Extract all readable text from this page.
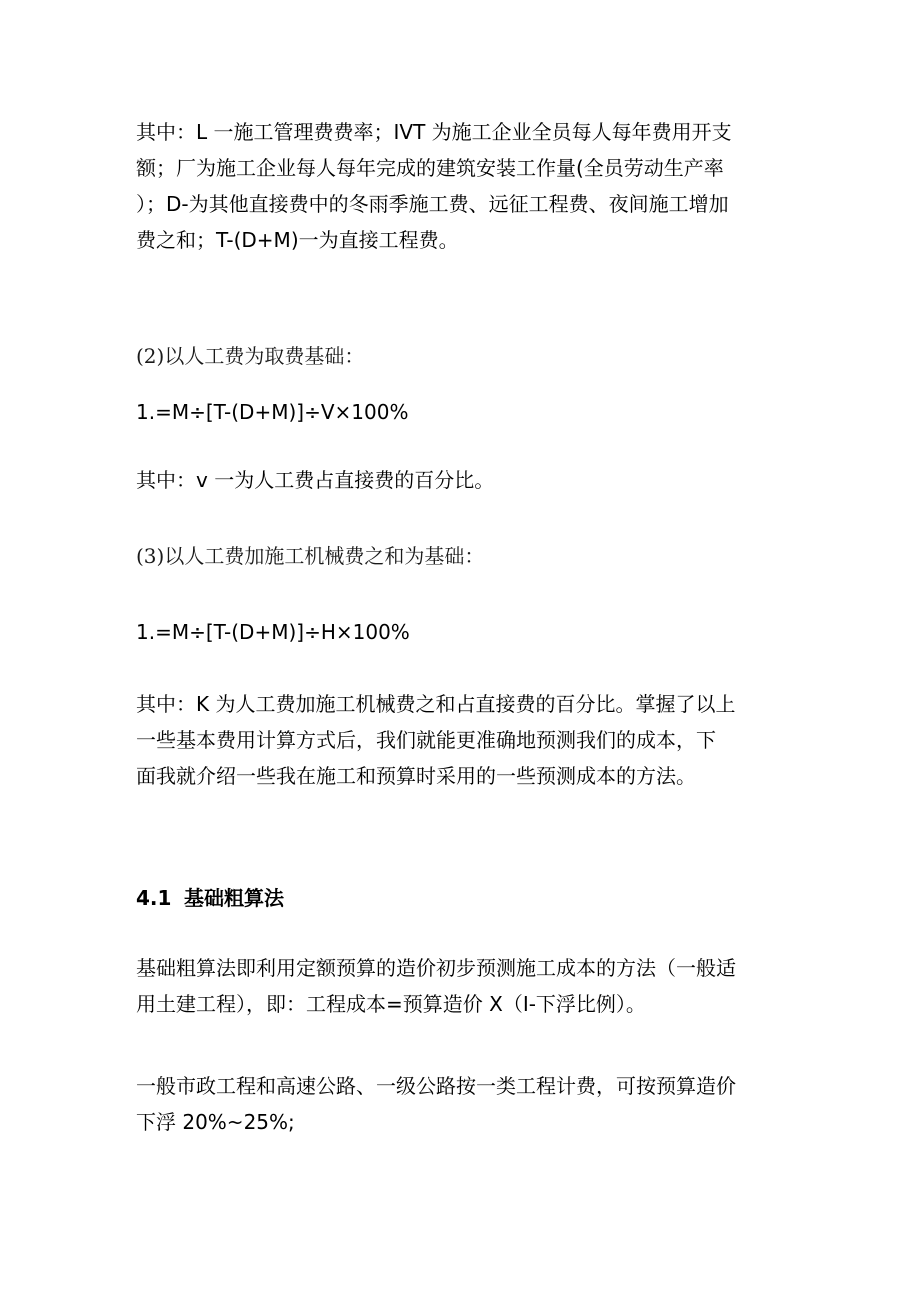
其中：L 一施工管理费费率；IVT 为施工企业全员每人每年费用开支
额；厂为施工企业每人每年完成的建筑安装工作量(全员劳动生产率
）；D-为其他直接费中的冬雨季施工费、远征工程费、夜间施工增加
费之和；T-(D+M)一为直接工程费。

(2)以人工费为取费基础：

1.=M÷[T-(D+M)]÷V×100%

其中：v 一为人工费占直接费的百分比。

(3)以人工费加施工机械费之和为基础：

1.=M÷[T-(D+M)]÷H×100%

其中：K 为人工费加施工机械费之和占直接费的百分比。掌握了以上
一些基本费用计算方式后，我们就能更准确地预测我们的成本，下
面我就介绍一些我在施工和预算时采用的一些预测成本的方法。

4.1 基础粗算法

基础粗算法即利用定额预算的造价初步预测施工成本的方法（一般适
用土建工程），即：工程成本=预算造价 X（I-下浮比例）。

一般市政工程和高速公路、一级公路按一类工程计费，可按预算造价
下浮 20%~25%;
